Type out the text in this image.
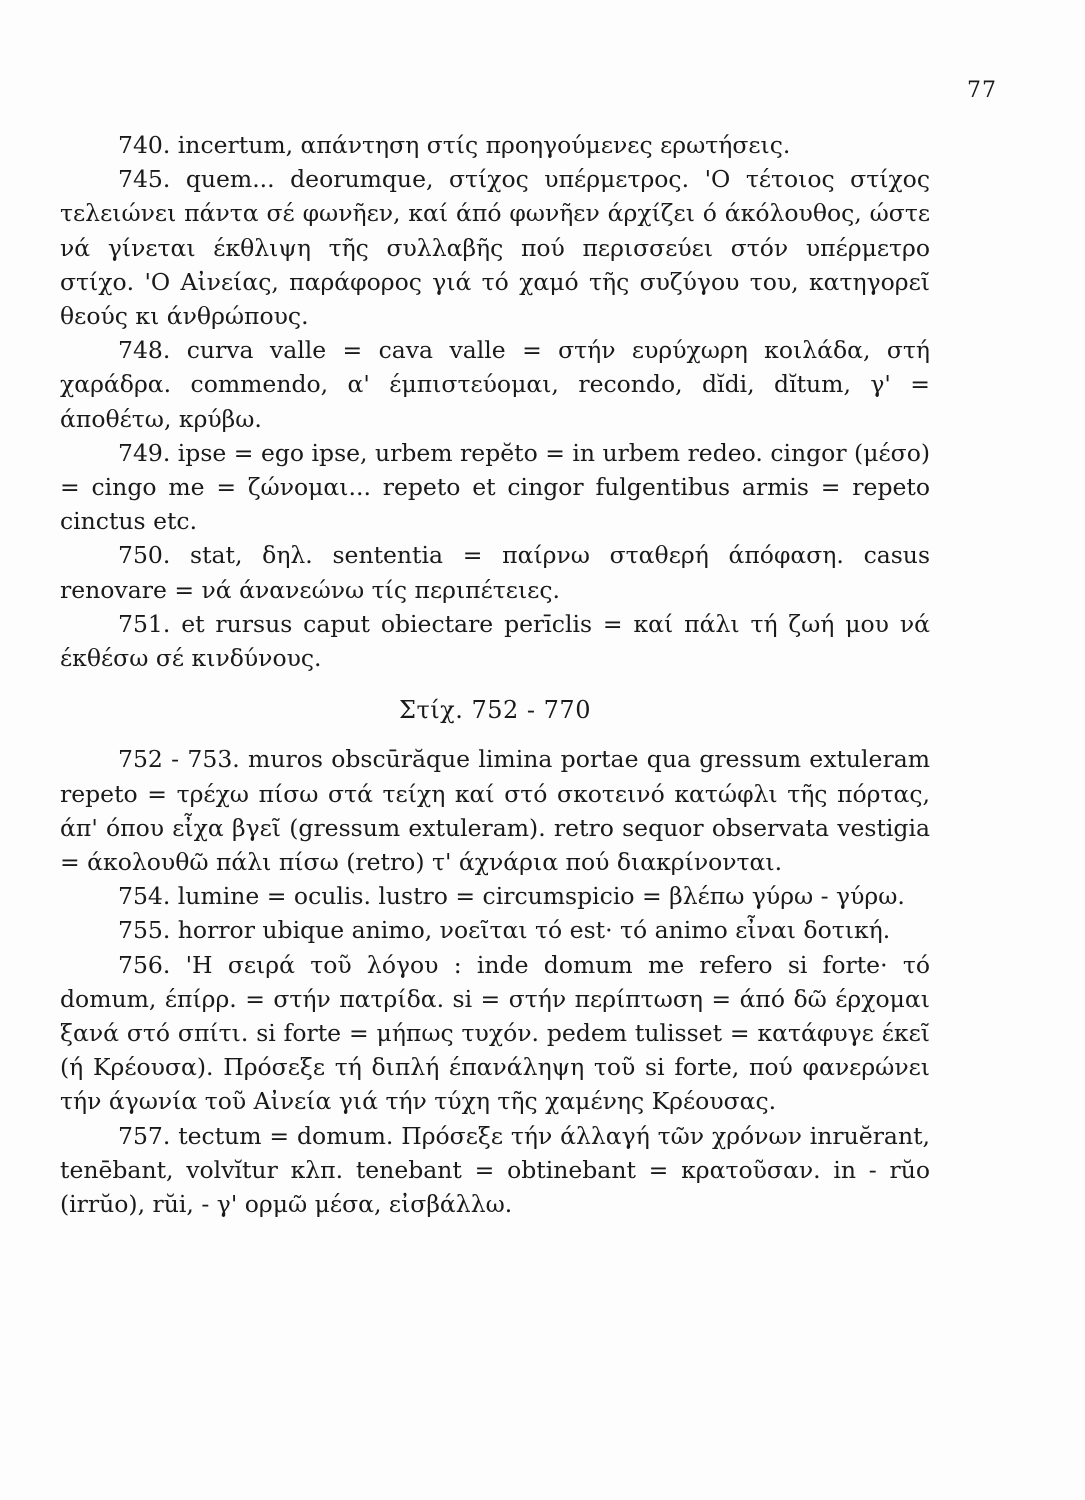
77

740. incertum, απάντηση στίς προηγούμενες ερωτήσεις.

745. quem... deorumque, στίχος υπέρμετρος. 'Ο τέτοιος στίχος τελειώνει πάντα σέ φωνῆεν, καί άπό φωνῆεν άρχίζει ό άκόλουθος, ώστε νά γίνεται έκθλιψη τῆς συλλαβῆς πού περισσεύει στόν υπέρμετρο στίχο. 'Ο Αἰνείας, παράφορος γιά τό χαμό τῆς συζύγου του, κατηγορεῖ θεούς κι άνθρώπους.

748. curva valle = cava valle = στήν ευρύχωρη κοιλάδα, στή χαράδρα. commendo, α' έμπιστεύομαι, recondo, dĭdi, dĭtum, γ' = άποθέτω, κρύβω.

749. ipse = ego ipse, urbem repĕto = in urbem redeo. cingor (μέσο) = cingo me = ζώνομαι... repeto et cingor fulgentibus armis = repeto cinctus etc.

750. stat, δηλ. sententia = παίρνω σταθερή άπόφαση. casus renovare = νά άνανεώνω τίς περιπέτειες.

751. et rursus caput obiectare perīclis = καί πάλι τή ζωή μου νά έκθέσω σέ κινδύνους.

Στίχ. 752 - 770

752 - 753. muros obscūrăque limina portae qua gressum extuleram repeto = τρέχω πίσω στά τείχη καί στό σκοτεινό κατώφλι τῆς πόρτας, άπ' όπου εἶχα βγεῖ (gressum extuleram). retro sequor observata vestigia = άκολουθῶ πάλι πίσω (retro) τ' άχνάρια πού διακρίνονται.

754. lumine = oculis. lustro = circumspicio = βλέπω γύρω - γύρω.

755. horror ubique animo, νοεῖται τό est· τό animo εἶναι δοτική.

756. 'Η σειρά τοῦ λόγου : inde domum me refero si forte· τό domum, έπίρρ. = στήν πατρίδα. si = στήν περίπτωση = άπό δῶ έρχομαι ξανά στό σπίτι. si forte = μήπως τυχόν. pedem tulisset = κατάφυγε έκεῖ (ή Κρέουσα). Πρόσεξε τή διπλή έπανάληψη τοῦ si forte, πού φανερώνει τήν άγωνία τοῦ Αἰνεία γιά τήν τύχη τῆς χαμένης Κρέουσας.

757. tectum = domum. Πρόσεξε τήν άλλαγή τῶν χρόνων inruĕrant, tenēbant, volvĭtur κλπ. tenebant = obtinebant = κρατοῦσαν. in - rŭo (irrŭo), rŭi, - γ' ορμῶ μέσα, εἰσβάλλω.
